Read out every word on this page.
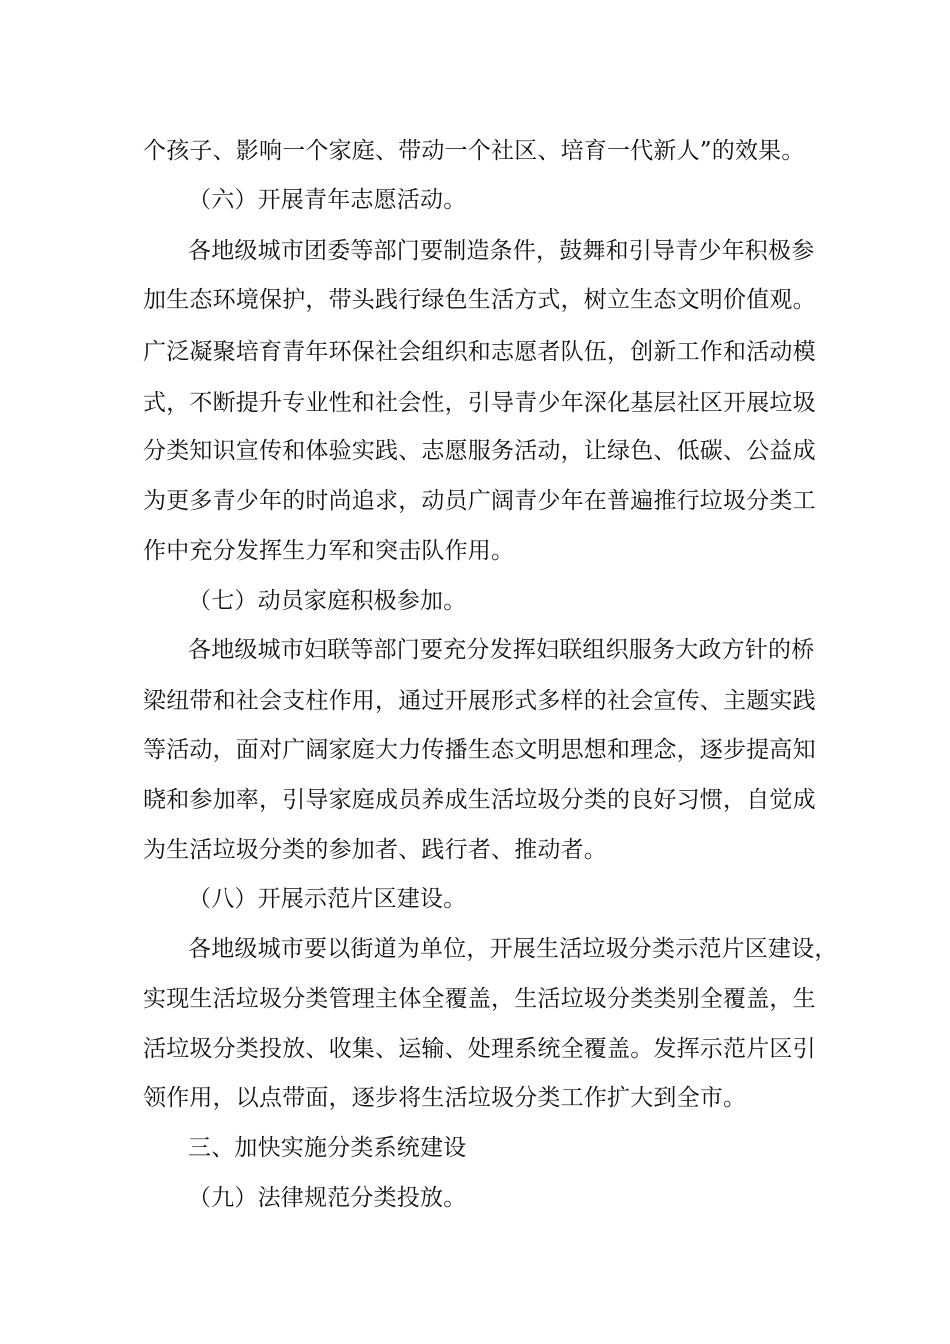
个孩子、影响一个家庭、带动一个社区、培育一代新人”的效果。
（六）开展青年志愿活动。
各地级城市团委等部门要制造条件，鼓舞和引导青少年积极参
加生态环境保护，带头践行绿色生活方式，树立生态文明价值观。
广泛凝聚培育青年环保社会组织和志愿者队伍，创新工作和活动模
式，不断提升专业性和社会性，引导青少年深化基层社区开展垃圾
分类知识宣传和体验实践、志愿服务活动，让绿色、低碳、公益成
为更多青少年的时尚追求，动员广阔青少年在普遍推行垃圾分类工
作中充分发挥生力军和突击队作用。
（七）动员家庭积极参加。
各地级城市妇联等部门要充分发挥妇联组织服务大政方针的桥
梁纽带和社会支柱作用，通过开展形式多样的社会宣传、主题实践
等活动，面对广阔家庭大力传播生态文明思想和理念，逐步提高知
晓和参加率，引导家庭成员养成生活垃圾分类的良好习惯，自觉成
为生活垃圾分类的参加者、践行者、推动者。
（八）开展示范片区建设。
各地级城市要以街道为单位，开展生活垃圾分类示范片区建设，
实现生活垃圾分类管理主体全覆盖，生活垃圾分类类别全覆盖，生
活垃圾分类投放、收集、运输、处理系统全覆盖。发挥示范片区引
领作用，以点带面，逐步将生活垃圾分类工作扩大到全市。
三、加快实施分类系统建设
（九）法律规范分类投放。
